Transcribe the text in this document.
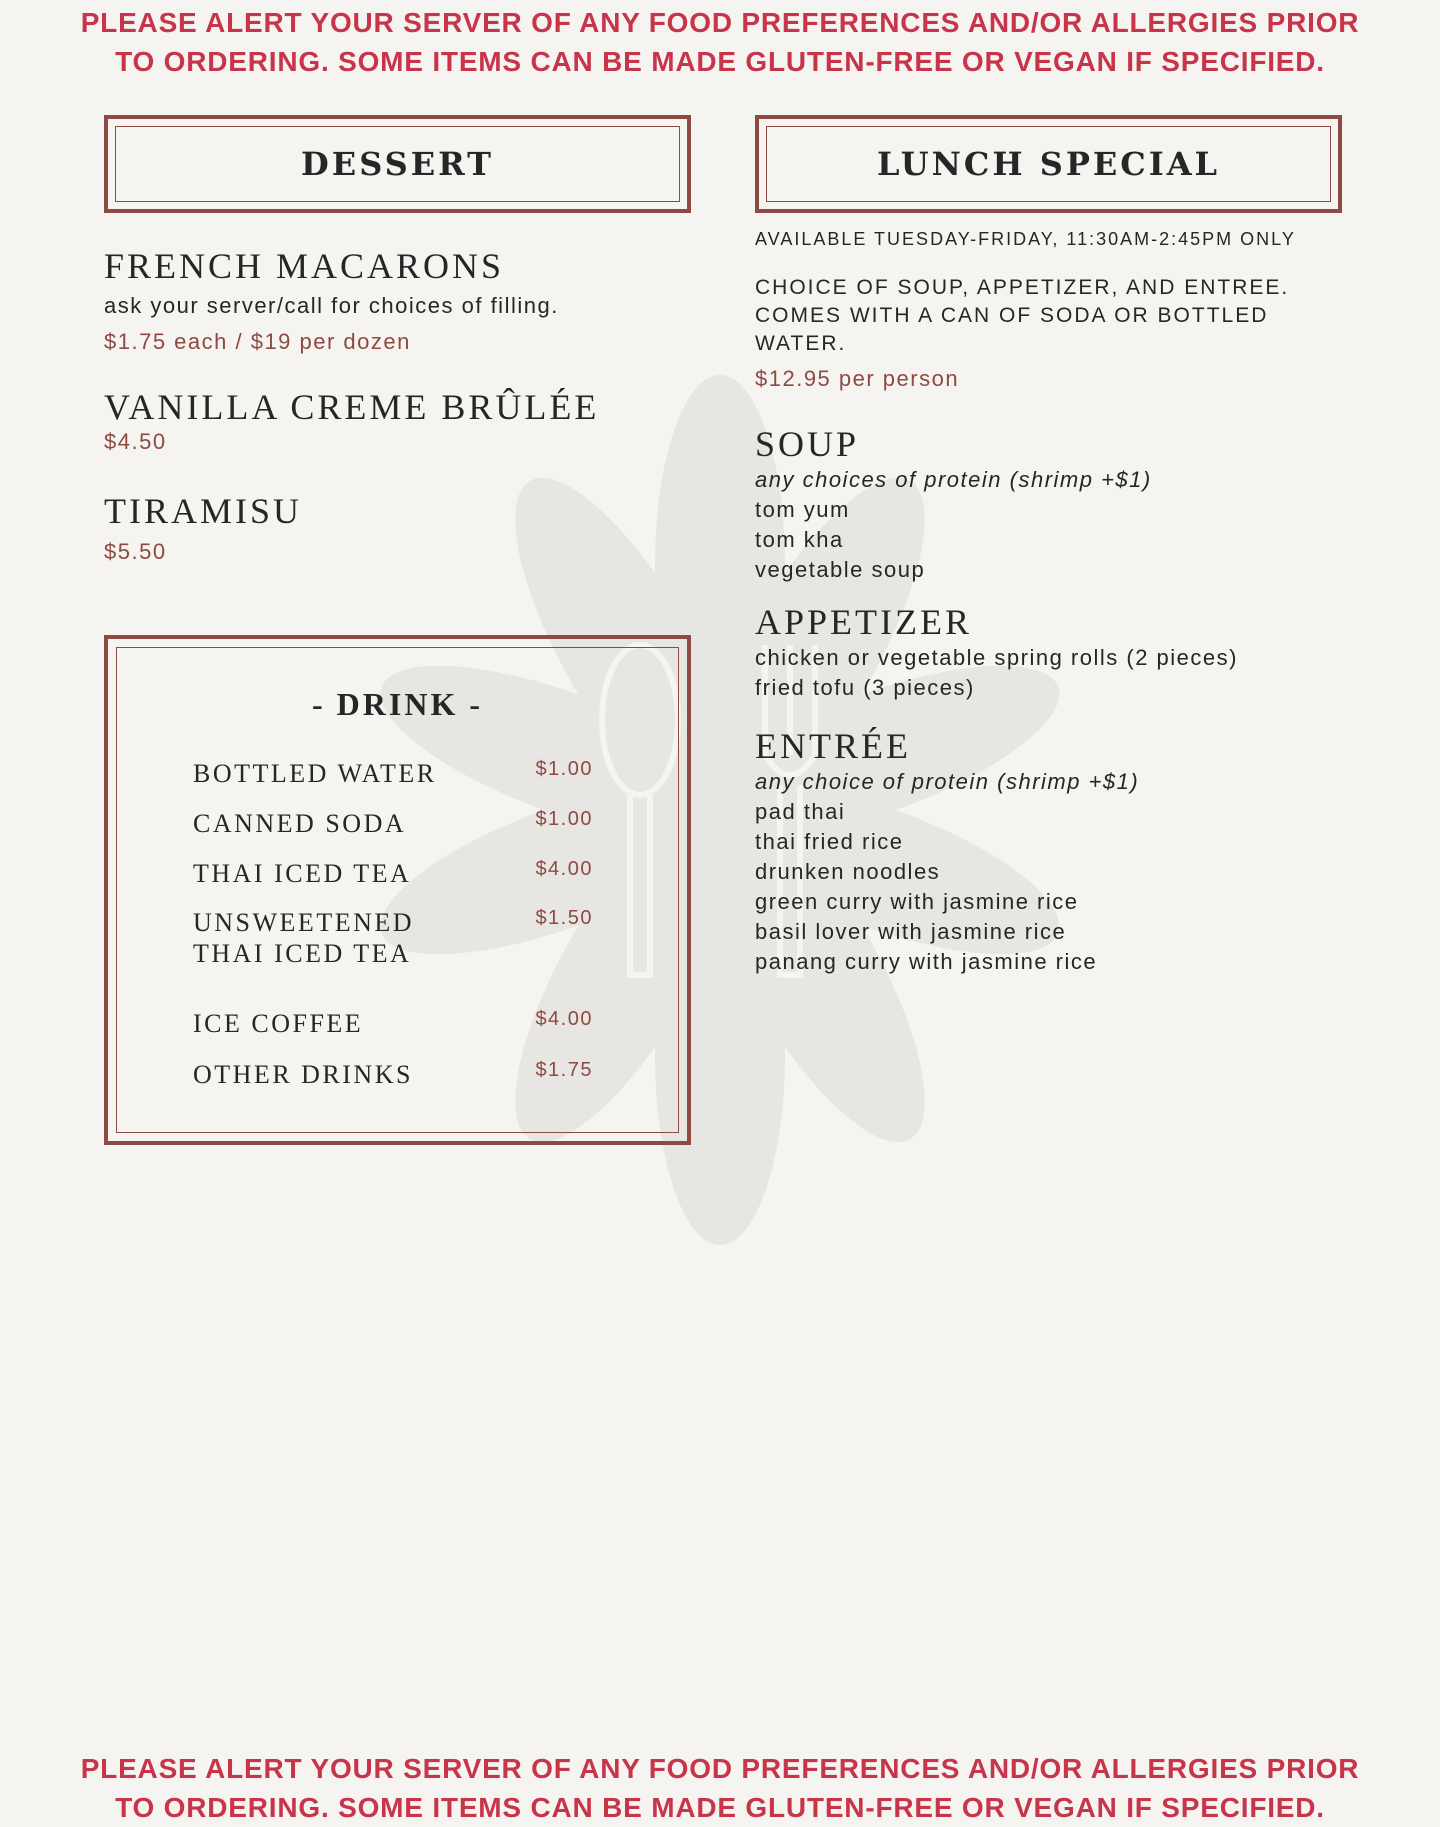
PLEASE ALERT YOUR SERVER OF ANY FOOD PREFERENCES AND/OR ALLERGIES PRIOR
TO ORDERING. SOME ITEMS CAN BE MADE GLUTEN-FREE OR VEGAN IF SPECIFIED.

DESSERT
FRENCH MACARONS
ask your server/call for choices of filling.
$1.75 each / $19 per dozen
VANILLA CREME BRÛLÉE
$4.50
TIRAMISU
$5.50
- DRINK -
BOTTLED WATER	$1.00
CANNED SODA	$1.00
THAI ICED TEA	$4.00
UNSWEETENED THAI ICED TEA
$1.50
ICE COFFEE	$4.00
OTHER DRINKS	$1.75
LUNCH SPECIAL
AVAILABLE TUESDAY-FRIDAY, 11:30AM-2:45PM ONLY
CHOICE OF SOUP, APPETIZER, AND ENTREE. COMES WITH A CAN OF SODA OR BOTTLED WATER.
$12.95 per person
SOUP
any choices of protein (shrimp +$1)
tom yum
tom kha
vegetable soup
APPETIZER
chicken or vegetable spring rolls (2 pieces)
fried tofu (3 pieces)
ENTRÉE
any choice of protein (shrimp +$1)
pad thai
thai fried rice
drunken noodles
green curry with jasmine rice
basil lover with jasmine rice
panang curry with jasmine rice

PLEASE ALERT YOUR SERVER OF ANY FOOD PREFERENCES AND/OR ALLERGIES PRIOR
TO ORDERING. SOME ITEMS CAN BE MADE GLUTEN-FREE OR VEGAN IF SPECIFIED.
